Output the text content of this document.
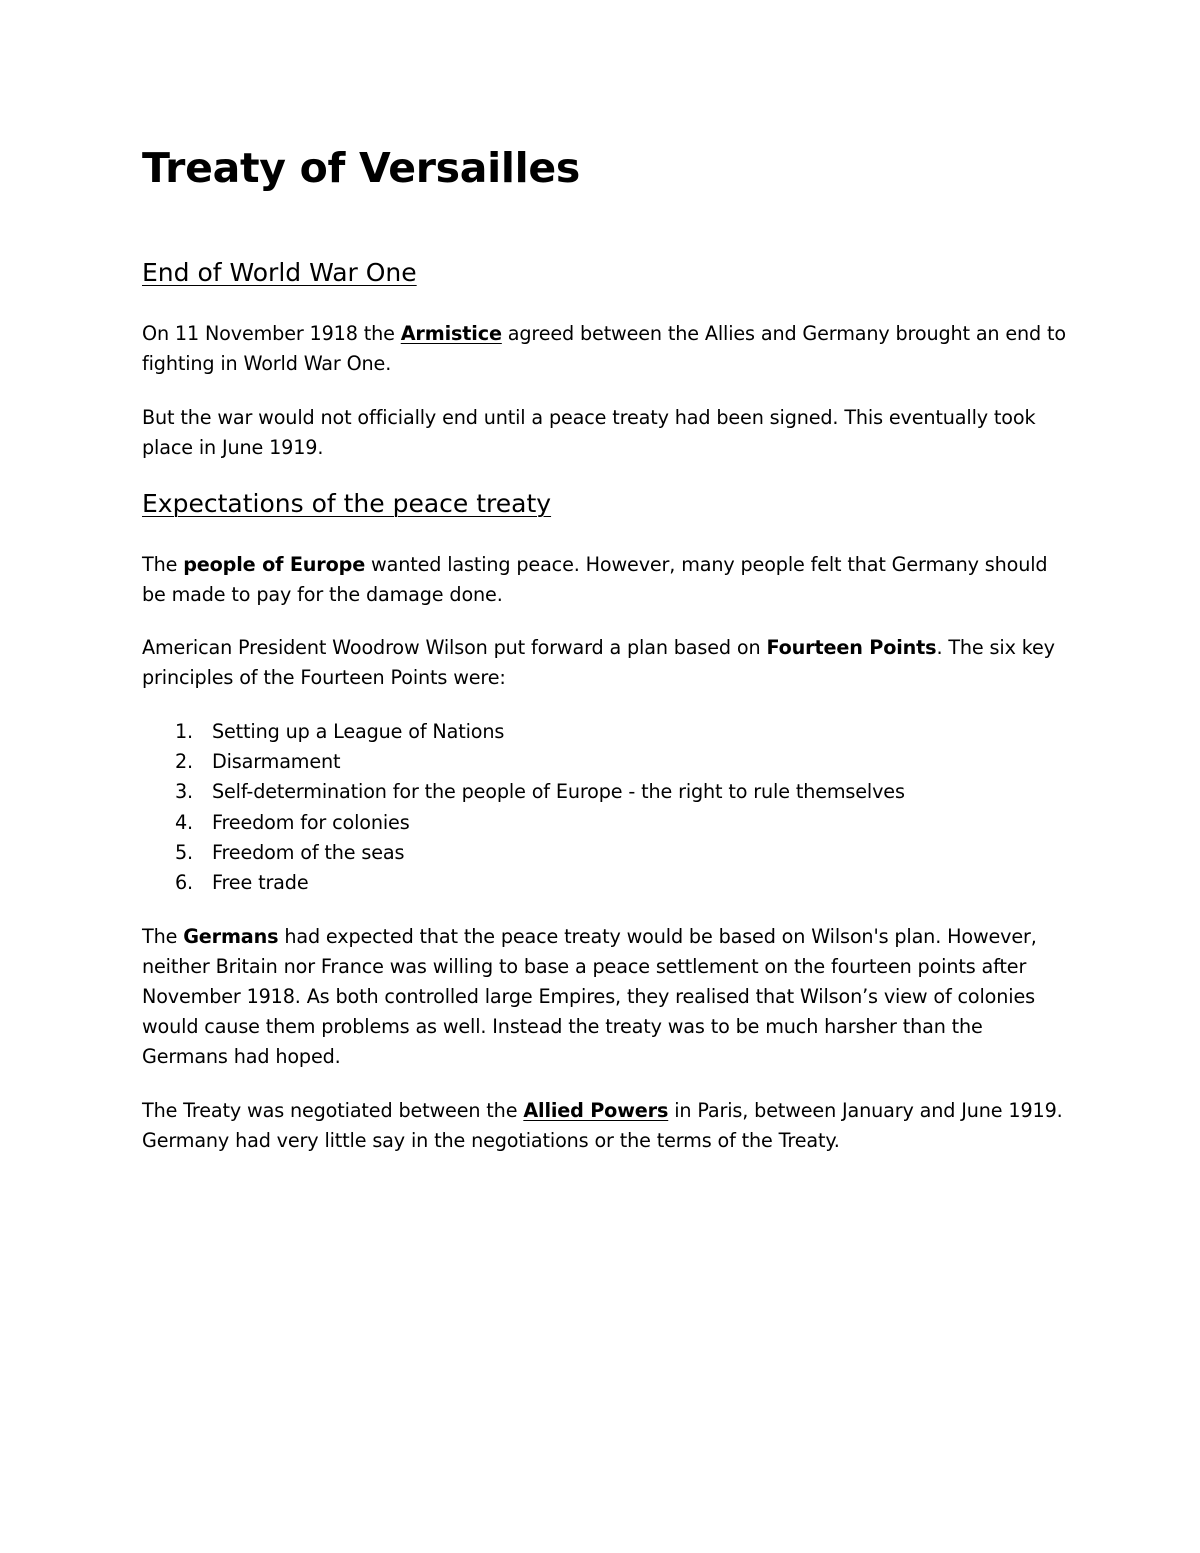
Treaty of Versailles
End of World War One

On 11 November 1918 the Armistice agreed between the Allies and Germany brought an end to fighting in World War One.

But the war would not officially end until a peace treaty had been signed. This eventually took place in June 1919.

Expectations of the peace treaty

The people of Europe wanted lasting peace. However, many people felt that Germany should be made to pay for the damage done.

American President Woodrow Wilson put forward a plan based on Fourteen Points. The six key principles of the Fourteen Points were:

1. Setting up a League of Nations
2. Disarmament
3. Self-determination for the people of Europe - the right to rule themselves
4. Freedom for colonies
5. Freedom of the seas
6. Free trade

The Germans had expected that the peace treaty would be based on Wilson's plan. However, neither Britain nor France was willing to base a peace settlement on the fourteen points after November 1918. As both controlled large Empires, they realised that Wilson’s view of colonies would cause them problems as well. Instead the treaty was to be much harsher than the Germans had hoped.

The Treaty was negotiated between the Allied Powers in Paris, between January and June 1919. Germany had very little say in the negotiations or the terms of the Treaty.
